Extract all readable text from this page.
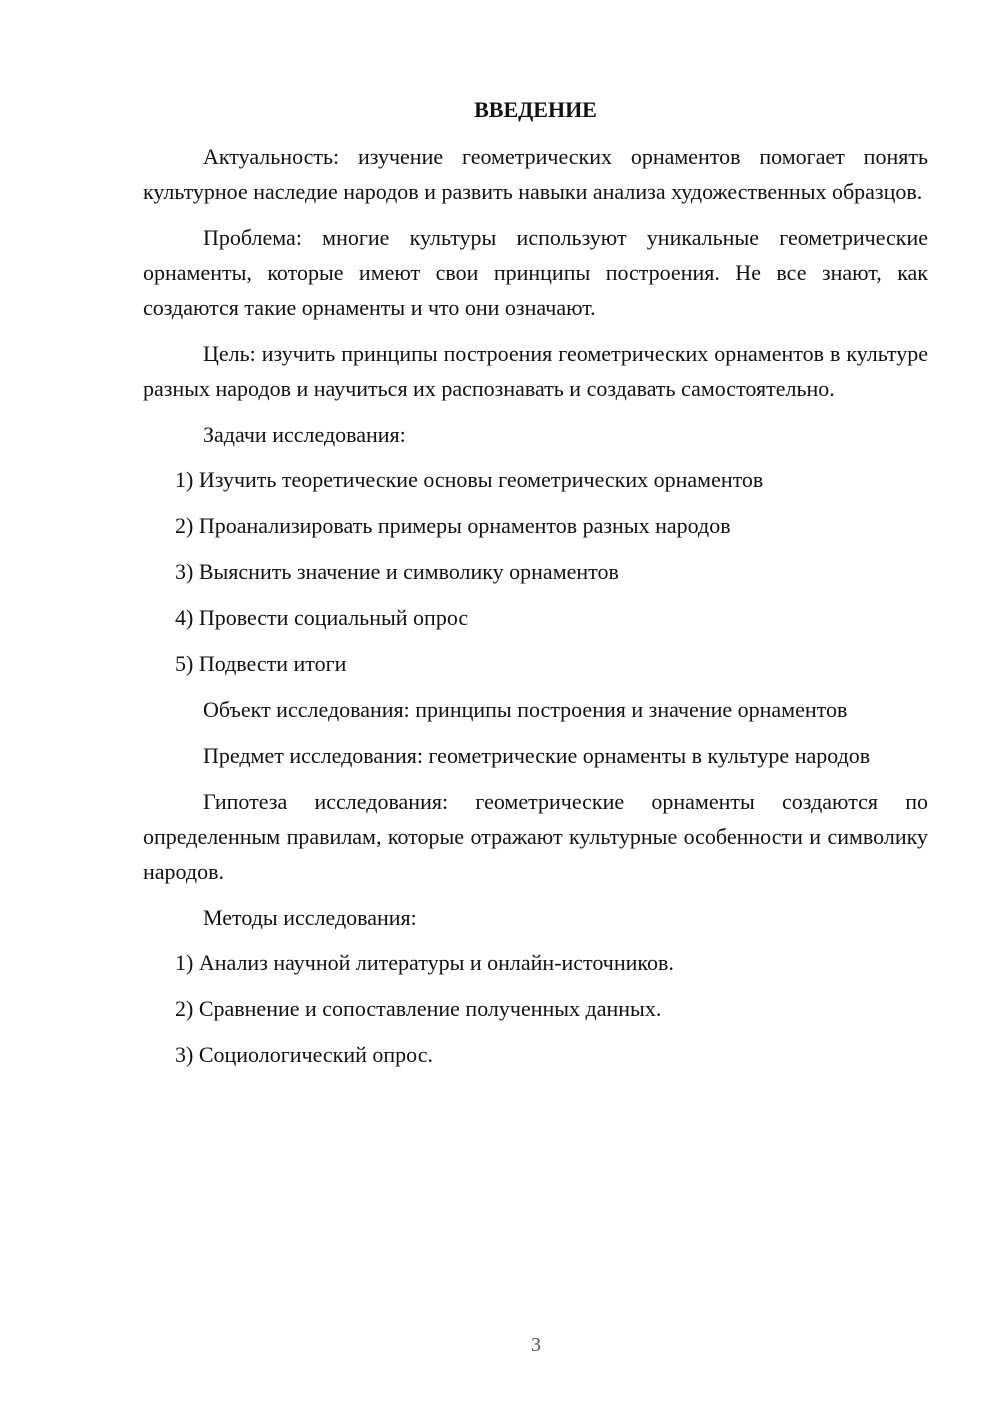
ВВЕДЕНИЕ

Актуальность: изучение геометрических орнаментов помогает понять культурное наследие народов и развить навыки анализа художественных образцов.

Проблема: многие культуры используют уникальные геометрические орнаменты, которые имеют свои принципы построения. Не все знают, как создаются такие орнаменты и что они означают.

Цель: изучить принципы построения геометрических орнаментов в культуре разных народов и научиться их распознавать и создавать самостоятельно.

Задачи исследования:

1) Изучить теоретические основы геометрических орнаментов
2) Проанализировать примеры орнаментов разных народов
3) Выяснить значение и символику орнаментов
4) Провести социальный опрос
5) Подвести итоги

Объект исследования: принципы построения и значение орнаментов

Предмет исследования: геометрические орнаменты в культуре народов

Гипотеза исследования: геометрические орнаменты создаются по определенным правилам, которые отражают культурные особенности и символику народов.

Методы исследования:

1) Анализ научной литературы и онлайн-источников.
2) Сравнение и сопоставление полученных данных.
3) Социологический опрос.
3
